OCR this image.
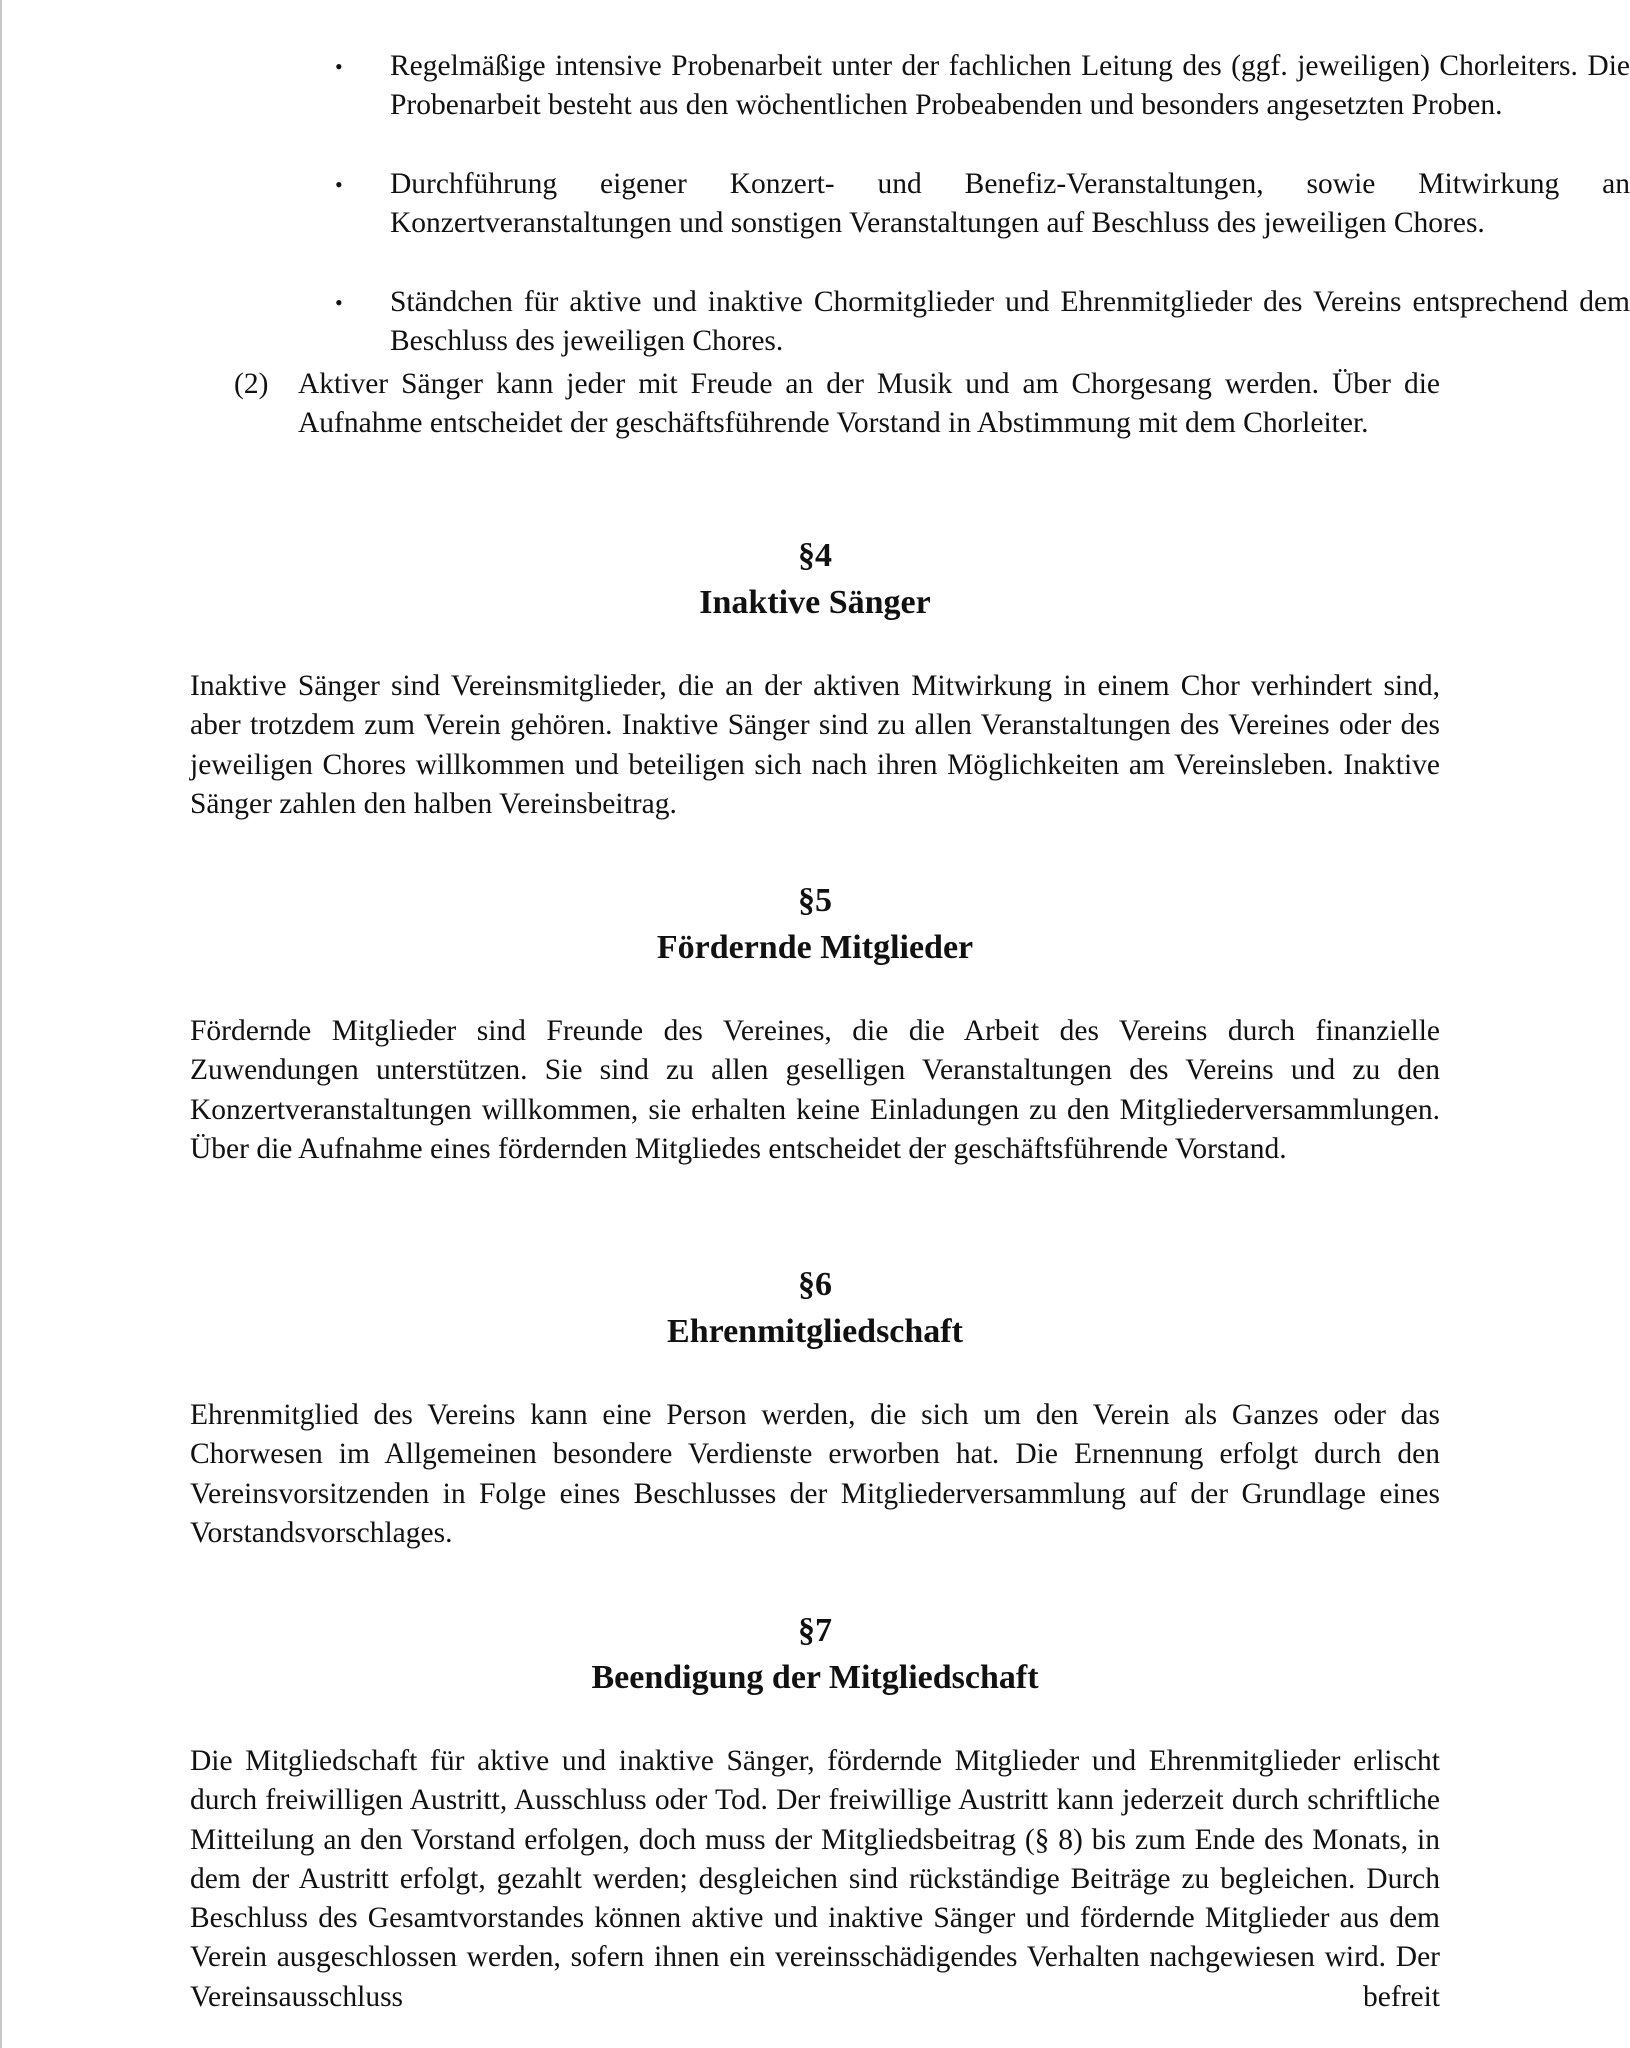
• Regelmäßige intensive Probenarbeit unter der fachlichen Leitung des (ggf. jeweiligen) Chorleiters. Die Probenarbeit besteht aus den wöchentlichen Probeabenden und besonders angesetzten Proben.
• Durchführung eigener Konzert- und Benefiz-Veranstaltungen, sowie Mitwirkung an Konzertveranstaltungen und sonstigen Veranstaltungen auf Beschluss des jeweiligen Chores.
• Ständchen für aktive und inaktive Chormitglieder und Ehrenmitglieder des Vereins entsprechend dem Beschluss des jeweiligen Chores.
(2) Aktiver Sänger kann jeder mit Freude an der Musik und am Chorgesang werden. Über die Aufnahme entscheidet der geschäftsführende Vorstand in Abstimmung mit dem Chorleiter.
§4
Inaktive Sänger
Inaktive Sänger sind Vereinsmitglieder, die an der aktiven Mitwirkung in einem Chor verhindert sind, aber trotzdem zum Verein gehören. Inaktive Sänger sind zu allen Veranstaltungen des Vereines oder des jeweiligen Chores willkommen und beteiligen sich nach ihren Möglichkeiten am Vereinsleben. Inaktive Sänger zahlen den halben Vereinsbeitrag.
§5
Fördernde Mitglieder
Fördernde Mitglieder sind Freunde des Vereines, die die Arbeit des Vereins durch finanzielle Zuwendungen unterstützen. Sie sind zu allen geselligen Veranstaltungen des Vereins und zu den Konzertveranstaltungen willkommen, sie erhalten keine Einladungen zu den Mitgliederversammlungen. Über die Aufnahme eines fördernden Mitgliedes entscheidet der geschäftsführende Vorstand.
§6
Ehrenmitgliedschaft
Ehrenmitglied des Vereins kann eine Person werden, die sich um den Verein als Ganzes oder das Chorwesen im Allgemeinen besondere Verdienste erworben hat. Die Ernennung erfolgt durch den Vereinsvorsitzenden in Folge eines Beschlusses der Mitgliederversammlung auf der Grundlage eines Vorstandsvorschlages.
§7
Beendigung der Mitgliedschaft
Die Mitgliedschaft für aktive und inaktive Sänger, fördernde Mitglieder und Ehrenmitglieder erlischt durch freiwilligen Austritt, Ausschluss oder Tod. Der freiwillige Austritt kann jederzeit durch schriftliche Mitteilung an den Vorstand erfolgen, doch muss der Mitgliedsbeitrag (§ 8) bis zum Ende des Monats, in dem der Austritt erfolgt, gezahlt werden; desgleichen sind rückständige Beiträge zu begleichen. Durch Beschluss des Gesamtvorstandes können aktive und inaktive Sänger und fördernde Mitglieder aus dem Verein ausgeschlossen werden, sofern ihnen ein vereinsschädigendes Verhalten nachgewiesen wird. Der Vereinsausschluss befreit
